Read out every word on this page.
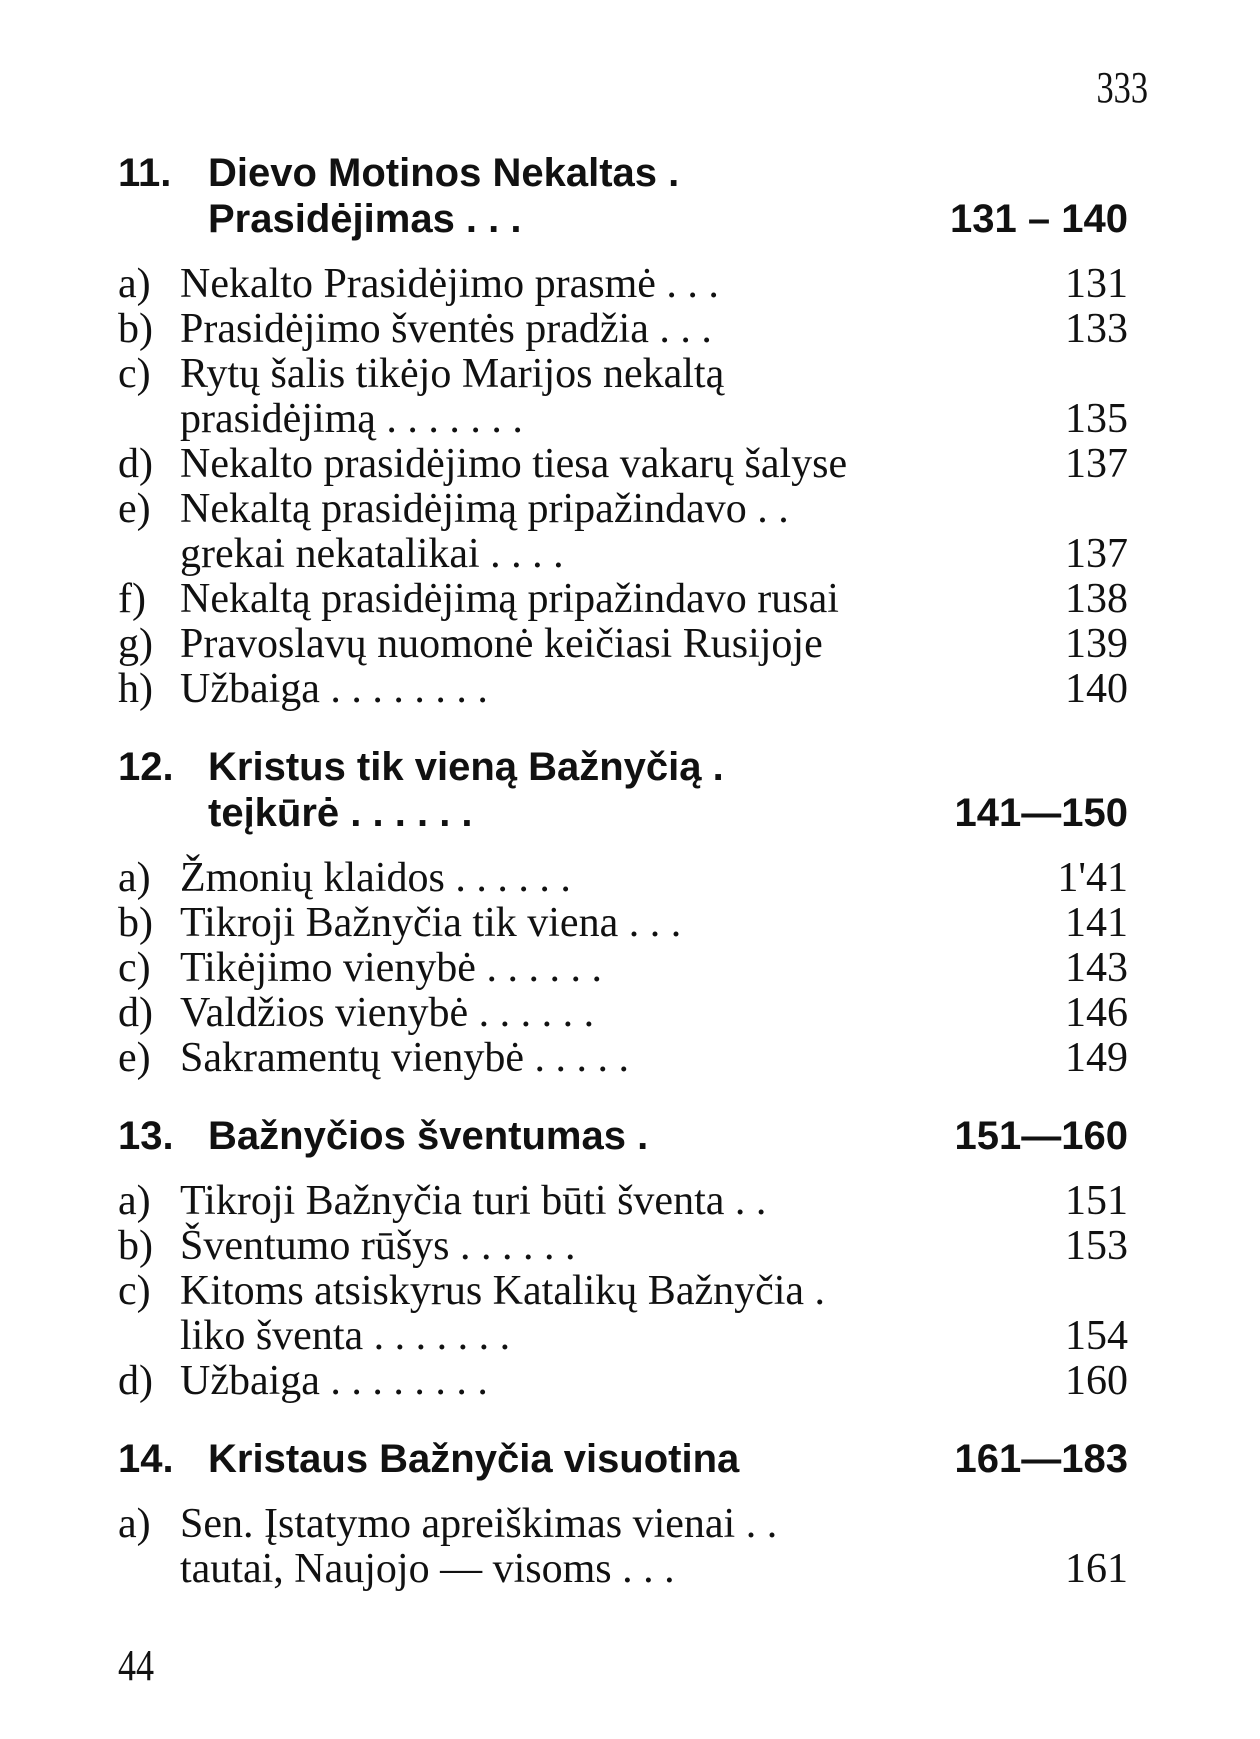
333
11. Dievo Motinos Nekaltas .
Prasidėjimas . . .	131 – 140
a) Nekalto Prasidėjimo prasmė . . .	131
b) Prasidėjimo šventės pradžia . . .	133
c) Rytų šalis tikėjo Marijos nekaltą
prasidėjimą . . . . . . .	135
d) Nekalto prasidėjimo tiesa vakarų šalyse	137
e) Nekaltą prasidėjimą pripažindavo . .
grekai nekatalikai . . . .	137
f) Nekaltą prasidėjimą pripažindavo rusai	138
g) Pravoslavų nuomonė keičiasi Rusijoje	139
h) Užbaiga . . . . . . . .	140
12. Kristus tik vieną Bažnyčią .
teįkūrė . . . . . .	141—150
a) Žmonių klaidos . . . . . .	1'41
b) Tikroji Bažnyčia tik viena . . .	141
c) Tikėjimo vienybė . . . . . .	143
d) Valdžios vienybė . . . . . .	146
e) Sakramentų vienybė . . . . .	149
13. Bažnyčios šventumas .	151—160
a) Tikroji Bažnyčia turi būti šventa . .	151
b) Šventumo rūšys . . . . . .	153
c) Kitoms atsiskyrus Katalikų Bažnyčia .
liko šventa . . . . . . .	154
d) Užbaiga . . . . . . . .	160
14. Kristaus Bažnyčia visuotina	161—183
a) Sen. Įstatymo apreiškimas vienai . .
tautai, Naujojo — visoms . . .	161
44
